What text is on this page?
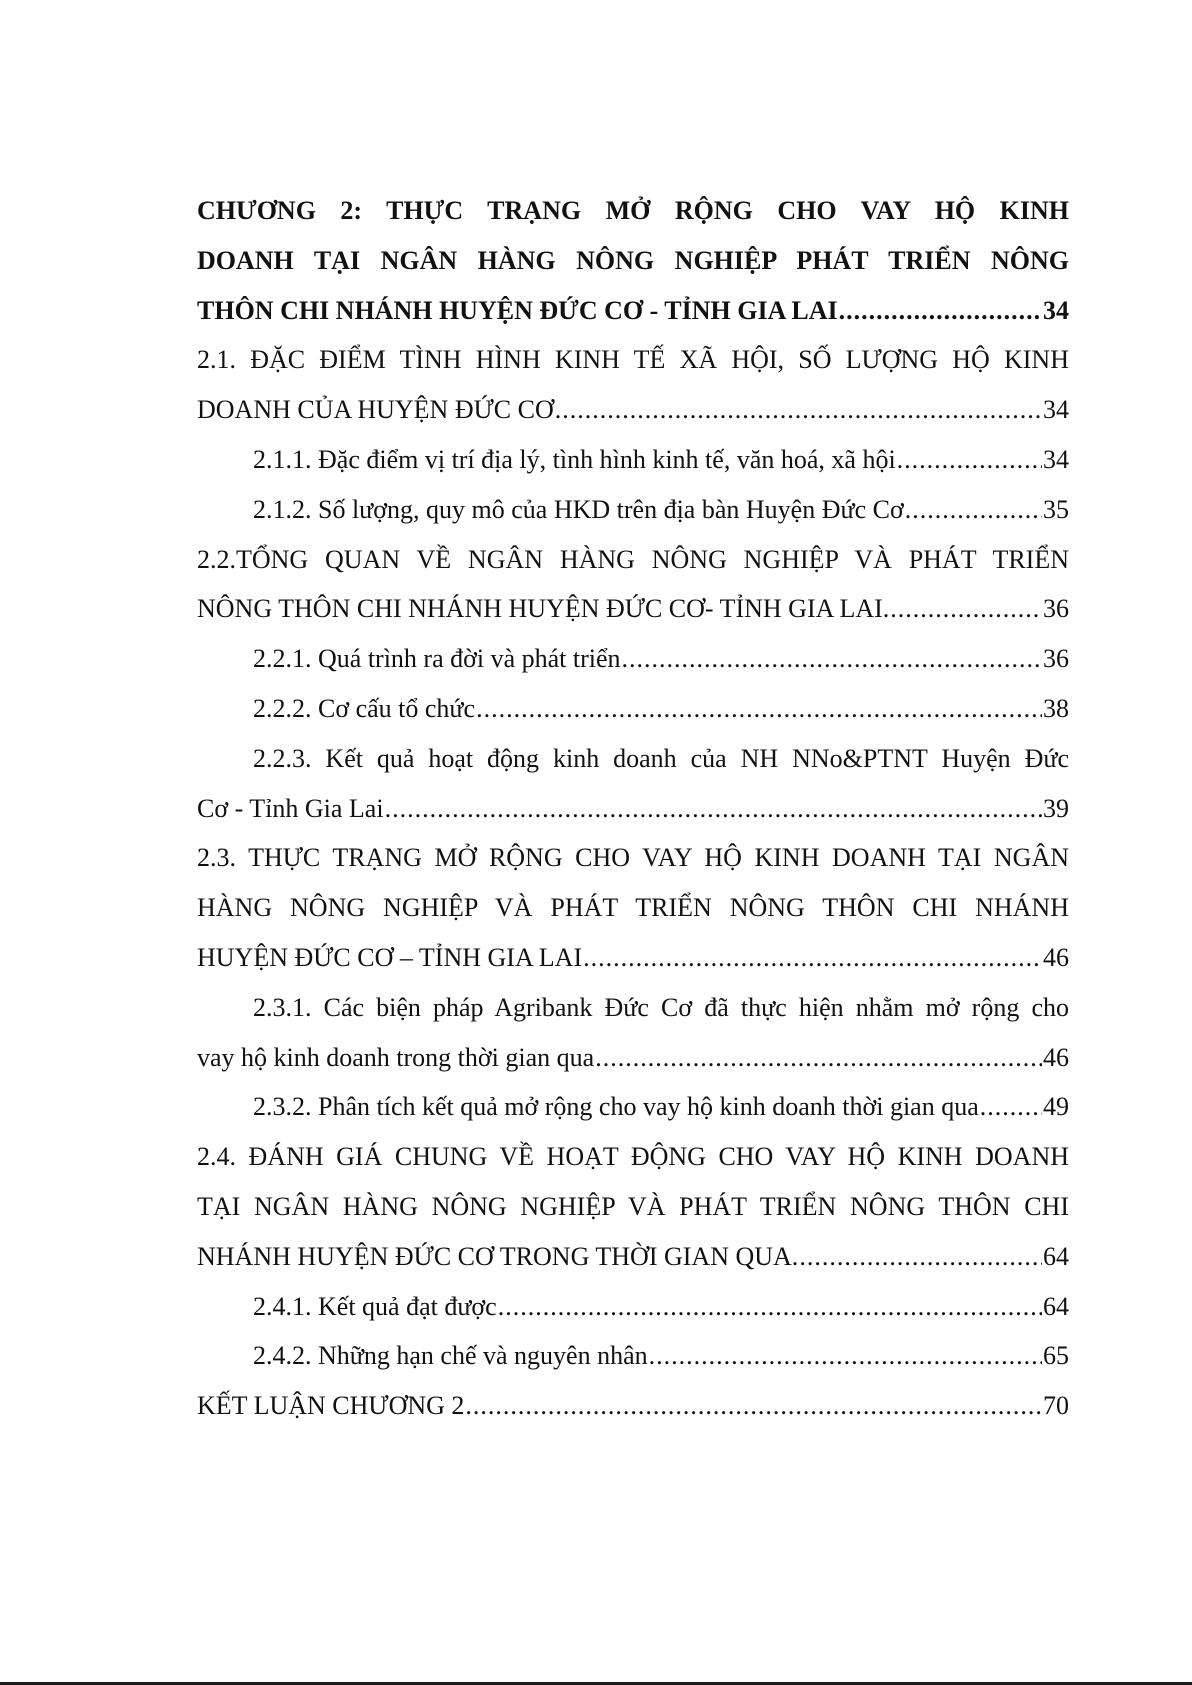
CHƯƠNG 2: THỰC TRẠNG MỞ RỘNG CHO VAY HỘ KINH
DOANH TẠI NGÂN HÀNG NÔNG NGHIỆP PHÁT TRIỂN NÔNG
THÔN CHI NHÁNH HUYỆN ĐỨC CƠ - TỈNH GIA LAI .....	34
2.1. ĐẶC ĐIỂM TÌNH HÌNH KINH TẾ XÃ HỘI, SỐ LƯỢNG HỘ KINH
DOANH CỦA HUYỆN ĐỨC CƠ .....	34
2.1.1. Đặc điểm vị trí địa lý, tình hình kinh tế, văn hoá, xã hội .....	34
2.1.2. Số lượng, quy mô của HKD trên địa bàn Huyện Đức Cơ .....	35
2.2.TỔNG QUAN VỀ NGÂN HÀNG NÔNG NGHIỆP VÀ PHÁT TRIỂN
NÔNG THÔN CHI NHÁNH HUYỆN ĐỨC CƠ- TỈNH GIA LAI. .....	36
2.2.1. Quá trình ra đời và phát triển .....	36
2.2.2. Cơ cấu tổ chức .....	38
2.2.3. Kết quả hoạt động kinh doanh của NH NNo&PTNT Huyện Đức
Cơ - Tỉnh Gia Lai .....	39
2.3. THỰC TRẠNG MỞ RỘNG CHO VAY HỘ KINH DOANH TẠI NGÂN
HÀNG NÔNG NGHIỆP VÀ PHÁT TRIỂN NÔNG THÔN CHI NHÁNH
HUYỆN ĐỨC CƠ – TỈNH GIA LAI .....	46
2.3.1. Các biện pháp Agribank Đức Cơ đã thực hiện nhằm mở rộng cho
vay hộ kinh doanh trong thời gian qua .....	46
2.3.2. Phân tích kết quả mở rộng cho vay hộ kinh doanh thời gian qua ..... 49
2.4. ĐÁNH GIÁ CHUNG VỀ HOẠT ĐỘNG CHO VAY HỘ KINH DOANH
TẠI NGÂN HÀNG NÔNG NGHIỆP VÀ PHÁT TRIỂN NÔNG THÔN CHI
NHÁNH HUYỆN ĐỨC CƠ TRONG THỜI GIAN QUA. .....	64
2.4.1. Kết quả đạt được .....	64
2.4.2. Những hạn chế và nguyên nhân .....	65
KẾT LUẬN CHƯƠNG 2 .....	70
